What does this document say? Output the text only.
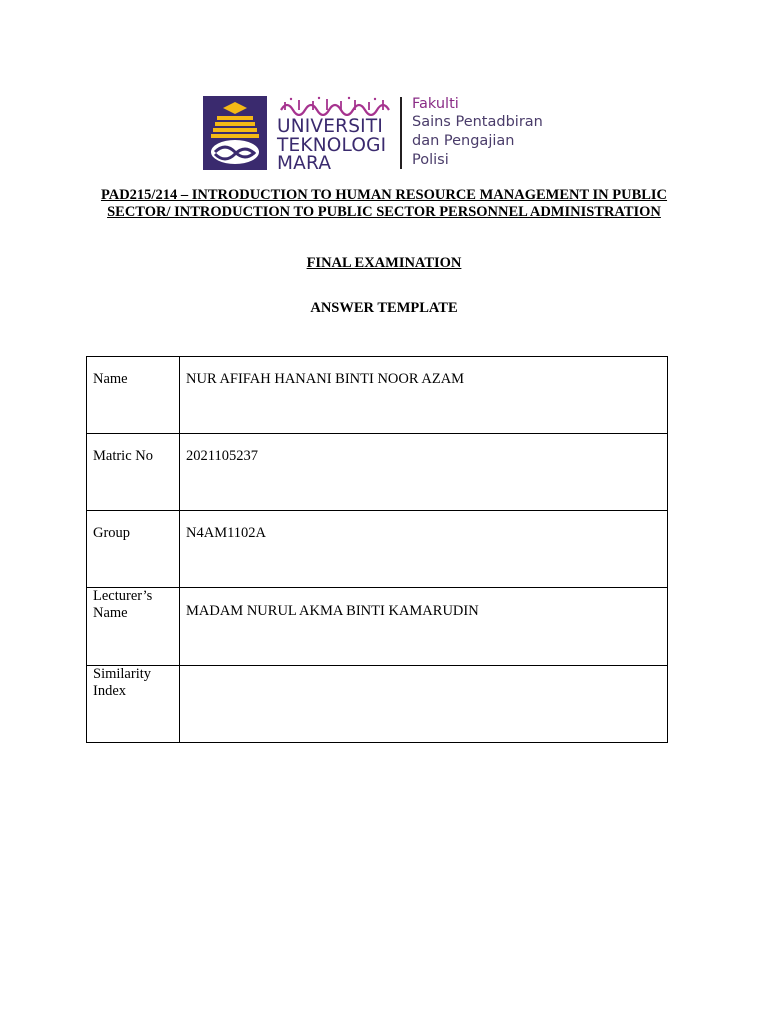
UNIVERSITI
TEKNOLOGI
MARA
Fakulti
Sains Pentadbiran
dan Pengajian
Polisi
PAD215/214 – INTRODUCTION TO HUMAN RESOURCE MANAGEMENT IN PUBLIC SECTOR/ INTRODUCTION TO PUBLIC SECTOR PERSONNEL ADMINISTRATION
FINAL EXAMINATION
ANSWER TEMPLATE
Name	NUR AFIFAH HANANI BINTI NOOR AZAM
Matric No	2021105237
Group	N4AM1102A
Lecturer’s Name	MADAM NURUL AKMA BINTI KAMARUDIN
Similarity Index	
